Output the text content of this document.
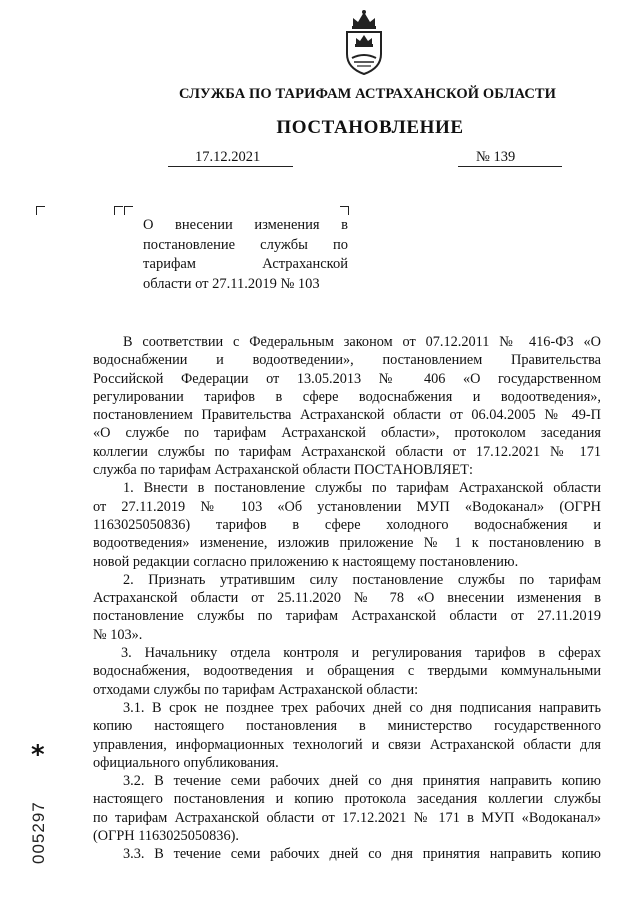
СЛУЖБА ПО ТАРИФАМ АСТРАХАНСКОЙ ОБЛАСТИ
ПОСТАНОВЛЕНИЕ
17.12.2021	№ 139
О внесении изменения в
постановление службы по
тарифам Астраханской
области от 27.11.2019 № 103
В соответствии с Федеральным законом от 07.12.2011 № 416-ФЗ «О
водоснабжении и водоотведении», постановлением Правительства
Российской Федерации от 13.05.2013 № 406 «О государственном
регулировании тарифов в сфере водоснабжения и водоотведения»,
постановлением Правительства Астраханской области от 06.04.2005 № 49-П
«О службе по тарифам Астраханской области», протоколом заседания
коллегии службы по тарифам Астраханской области от 17.12.2021 № 171
служба по тарифам Астраханской области ПОСТАНОВЛЯЕТ:
1. Внести в постановление службы по тарифам Астраханской области
от 27.11.2019 № 103 «Об установлении МУП «Водоканал» (ОГРН
1163025050836) тарифов в сфере холодного водоснабжения и
водоотведения» изменение, изложив приложение № 1 к постановлению в
новой редакции согласно приложению к настоящему постановлению.
2. Признать утратившим силу постановление службы по тарифам
Астраханской области от 25.11.2020 № 78 «О внесении изменения в
постановление службы по тарифам Астраханской области от 27.11.2019
№ 103».
3. Начальнику отдела контроля и регулирования тарифов в сферах
водоснабжения, водоотведения и обращения с твердыми коммунальными
отходами службы по тарифам Астраханской области:
3.1. В срок не позднее трех рабочих дней со дня подписания направить
копию настоящего постановления в министерство государственного
управления, информационных технологий и связи Астраханской области для
официального опубликования.
3.2. В течение семи рабочих дней со дня принятия направить копию
настоящего постановления и копию протокола заседания коллегии службы
по тарифам Астраханской области от 17.12.2021 № 171 в МУП «Водоканал»
(ОГРН 1163025050836).
3.3. В течение семи рабочих дней со дня принятия направить копию
*
005297
